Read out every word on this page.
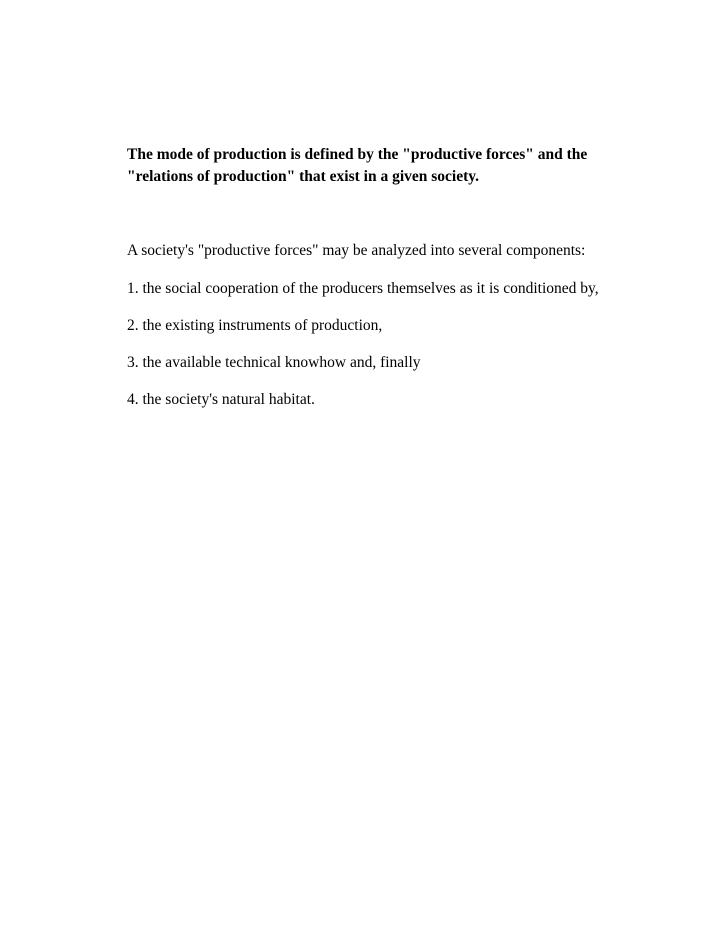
The mode of production is defined by the "productive forces" and the "relations of production" that exist in a given society.

A society's "productive forces" may be analyzed into several components:

1. the social cooperation of the producers themselves as it is conditioned by,
2. the existing instruments of production,
3. the available technical knowhow and, finally
4. the society's natural habitat.
